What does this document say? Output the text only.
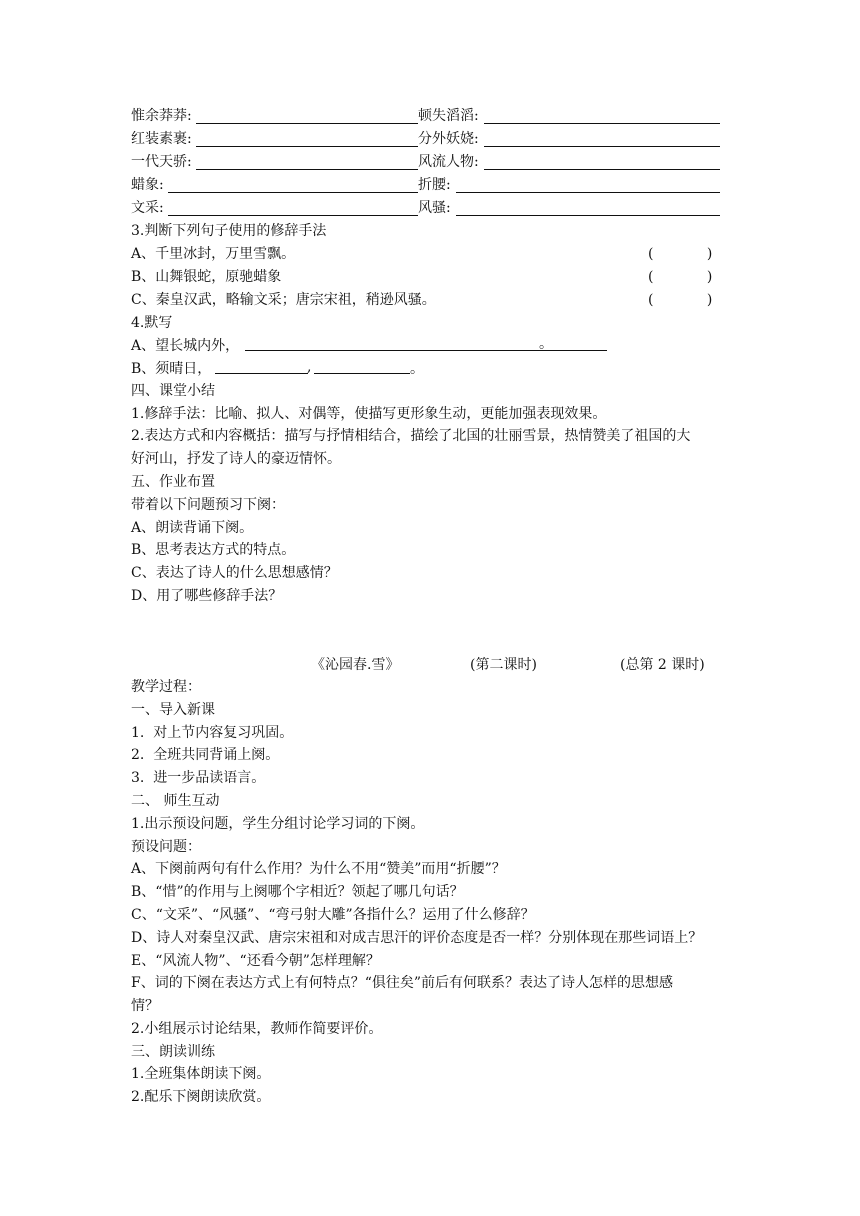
惟余莽莽:	顿失滔滔:
红装素裹:	分外妖娆:
一代天骄:	风流人物:
蜡象:	折腰:
文采:	风骚:
3.判断下列句子使用的修辞手法
A、千里冰封，万里雪飘。	(            )
B、山舞银蛇，原驰蜡象	(            )
C、秦皇汉武，略输文采；唐宗宋祖，稍逊风骚。	(            )
4.默写
A、望长城内外，	。
B、须晴日，	,	。
四、课堂小结
1.修辞手法：比喻、拟人、对偶等，使描写更形象生动，更能加强表现效果。
2.表达方式和内容概括：描写与抒情相结合，描绘了北国的壮丽雪景，热情赞美了祖国的大
好河山，抒发了诗人的豪迈情怀。
五、作业布置
带着以下问题预习下阕：
A、朗读背诵下阕。
B、思考表达方式的特点。
C、表达了诗人的什么思想感情？
D、用了哪些修辞手法？
《沁园春.雪》	(第二课时)	(总第 2 课时)
教学过程：
一、导入新课
1.  对上节内容复习巩固。
2.  全班共同背诵上阕。
3.  进一步品读语言。
二、 师生互动
1.出示预设问题，学生分组讨论学习词的下阕。
预设问题：
A、下阕前两句有什么作用？为什么不用“赞美”而用“折腰”？
B、“惜”的作用与上阕哪个字相近？领起了哪几句话？
C、“文采”、“风骚”、“弯弓射大雕”各指什么？运用了什么修辞？
D、诗人对秦皇汉武、唐宗宋祖和对成吉思汗的评价态度是否一样？分别体现在那些词语上？
E、“风流人物”、“还看今朝”怎样理解？
F、词的下阕在表达方式上有何特点？“俱往矣”前后有何联系？表达了诗人怎样的思想感
情？
2.小组展示讨论结果，教师作简要评价。
三、朗读训练
1.全班集体朗读下阕。
2.配乐下阕朗读欣赏。
